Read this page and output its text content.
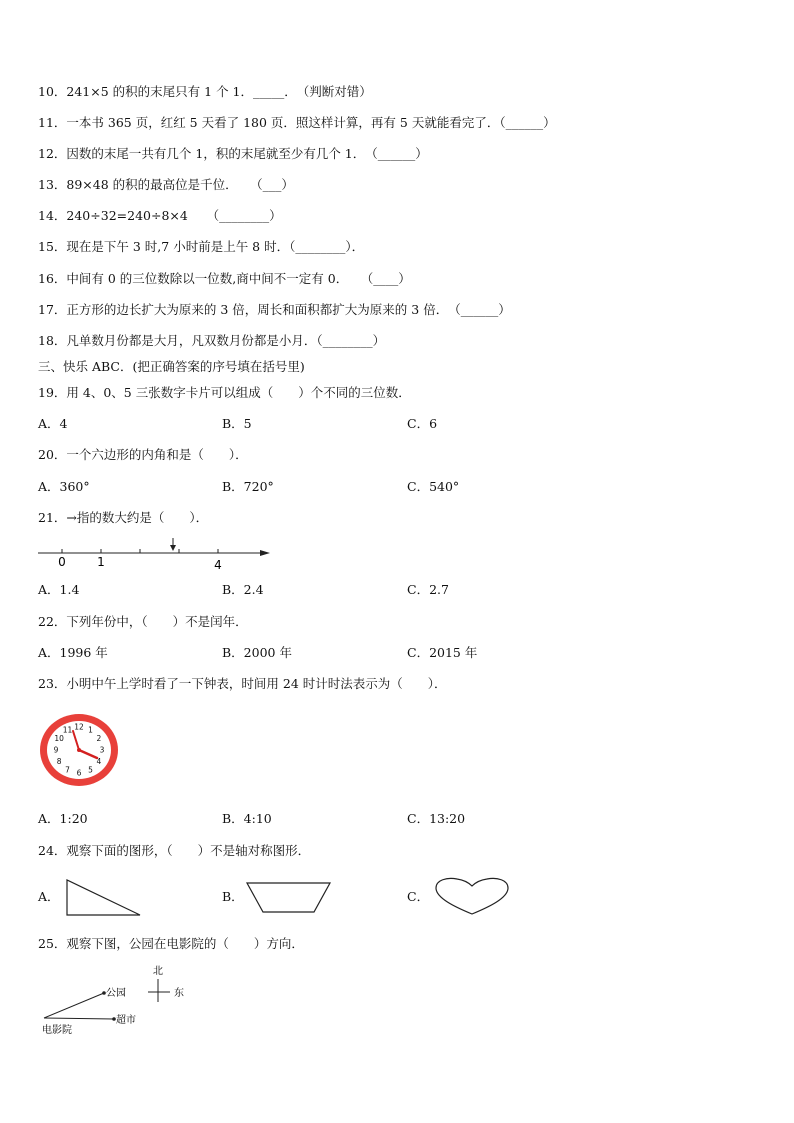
10．241×5 的积的末尾只有 1 个 1．_____．　（判断对错）
11．一本书 365 页，红红 5 天看了 180 页．照这样计算，再有 5 天就能看完了．（______）
12．因数的末尾一共有几个 1，积的末尾就至少有几个 1．　（______）
13．89×48 的积的最高位是千位．　　（___）
14．240÷32=240÷8×4　　（________）
15．现在是下午 3 时,7 小时前是上午 8 时．（________）．
16．中间有 0 的三位数除以一位数,商中间不一定有 0．　　（____）
17．正方形的边长扩大为原来的 3 倍，周长和面积都扩大为原来的 3 倍．　（______）
18．凡单数月份都是大月，凡双数月份都是小月．（________）
三、快乐 ABC．(把正确答案的序号填在括号里)
19．用 4、0、5 三张数字卡片可以组成（　　）个不同的三位数．
A．4	B．5	C．6
20．一个六边形的内角和是（　　）．
A．360°	B．720°	C．540°
21．→指的数大约是（　　）．
0	1	4
A．1.4	B．2.4	C．2.7
22．下列年份中，（　　）不是闰年．
A．1996 年	B．2000 年	C．2015 年
23．小明中午上学时看了一下钟表，时间用 24 时计时法表示为（　　）．
12 1
2
3
4
5
6
7
8
9
10
11
A．1:20	B．4:10	C．13:20
24．观察下面的图形，（　　）不是轴对称图形．
A．	B．	C．
25．观察下图，公园在电影院的（　　）方向．
北
东
公园
超市
电影院
